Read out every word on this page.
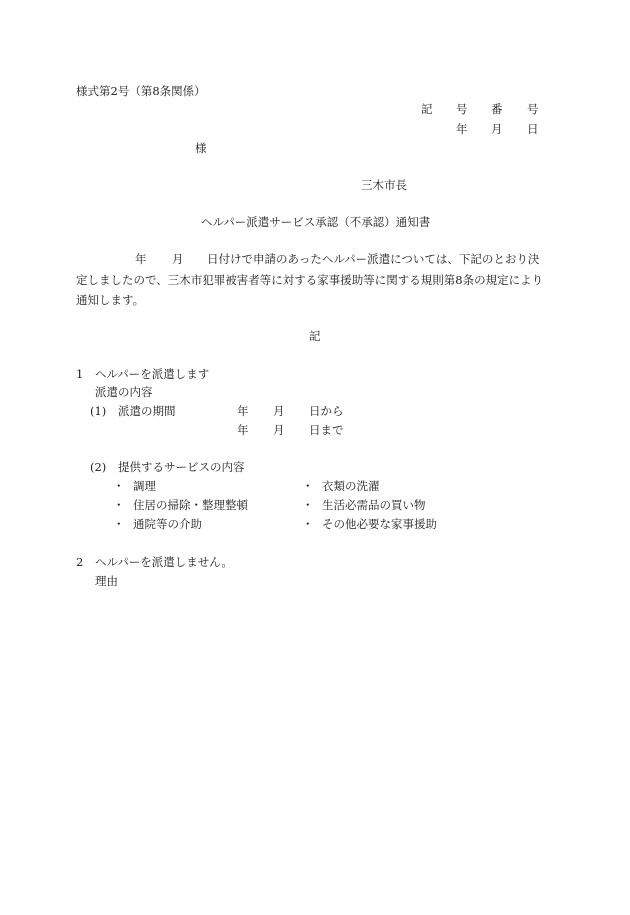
様式第2号（第8条関係）
記 号 番 号
年 月 日
様
三木市長
ヘルパー派遣サービス承認（不承認）通知書
年 月 日付けで申請のあったヘルパー派遣については、下記のとおり決
定しましたので、三木市犯罪被害者等に対する家事援助等に関する規則第8条の規定により
通知します。
記
1 ヘルパーを派遣します
派遣の内容
(1) 派遣の期間	年 月 日から
年 月 日まで
(2) 提供するサービスの内容
・ 調理
・ 住居の掃除・整理整頓
・ 通院等の介助
・ 衣類の洗濯
・ 生活必需品の買い物
・ その他必要な家事援助
2 ヘルパーを派遣しません。
理由
